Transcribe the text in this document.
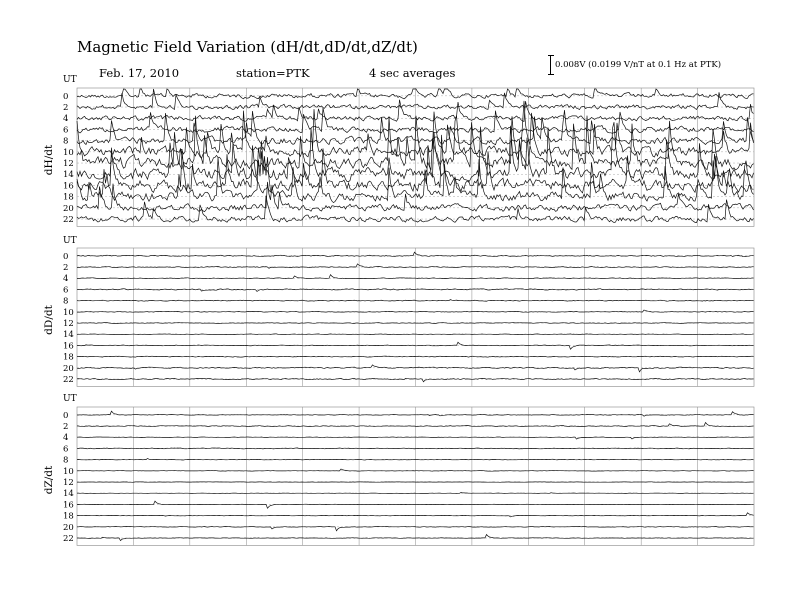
Magnetic Field Variation (dH/dt,dD/dt,dZ/dt)
Feb. 17, 2010	station=PTK	4 sec averages
0.008V (0.0199 V/nT at 0.1 Hz at PTK)
UT
dH/dt
0
2
4
6
8
10
12
14
16
18
20
22
UT
dD/dt
0
2
4
6
8
10
12
14
16
18
20
22
UT
dZ/dt
0
2
4
6
8
10
12
14
16
18
20
22
